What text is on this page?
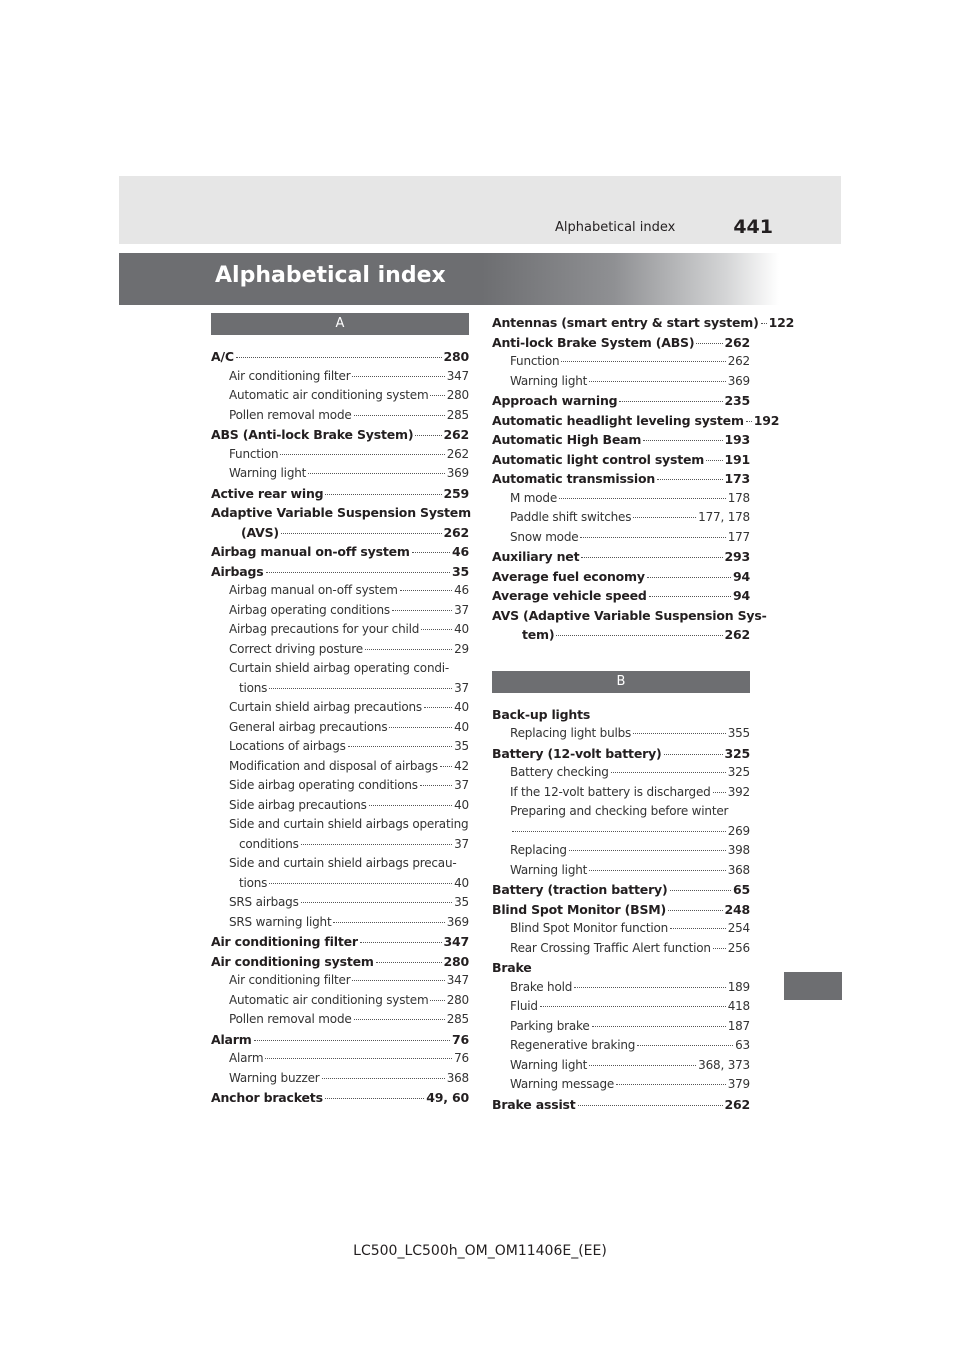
Alphabetical index	441
Alphabetical index
A
A/C	280
Air conditioning filter	347
Automatic air conditioning system 280
Pollen removal mode	285
ABS (Anti-lock Brake System) 262
Function	262
Warning light	369
Active rear wing	259
Adaptive Variable Suspension System
(AVS)	262
Airbag manual on-off system	46
Airbags	35
Airbag manual on-off system	46
Airbag operating conditions	37
Airbag precautions for your child	40
Correct driving posture	29
Curtain shield airbag operating condi-
tions	37
Curtain shield airbag precautions	40
General airbag precautions	40
Locations of airbags	35
Modification and disposal of airbags 42
Side airbag operating conditions	37
Side airbag precautions	40
Side and curtain shield airbags operating
conditions	37
Side and curtain shield airbags precau-
tions	40
SRS airbags	35
SRS warning light	369
Air conditioning filter	347
Air conditioning system	280
Air conditioning filter	347
Automatic air conditioning system 280
Pollen removal mode	285
Alarm	76
Alarm	76
Warning buzzer	368
Anchor brackets	49, 60
Antennas (smart entry & start system) 122
Anti-lock Brake System (ABS) 262
Function	262
Warning light	369
Approach warning	235
Automatic headlight leveling system 192
Automatic High Beam	193
Automatic light control system 191
Automatic transmission	173
M mode	178
Paddle shift switches	177, 178
Snow mode	177
Auxiliary net	293
Average fuel economy	94
Average vehicle speed	94
AVS (Adaptive Variable Suspension Sys-
tem)	262
B
Back-up lights
Replacing light bulbs	355
Battery (12-volt battery)	325
Battery checking	325
If the 12-volt battery is discharged 392
Preparing and checking before winter
269
Replacing	398
Warning light	368
Battery (traction battery)	65
Blind Spot Monitor (BSM)	248
Blind Spot Monitor function	254
Rear Crossing Traffic Alert function 256
Brake
Brake hold	189
Fluid	418
Parking brake	187
Regenerative braking	63
Warning light	368, 373
Warning message	379
Brake assist	262
LC500_LC500h_OM_OM11406E_(EE)
